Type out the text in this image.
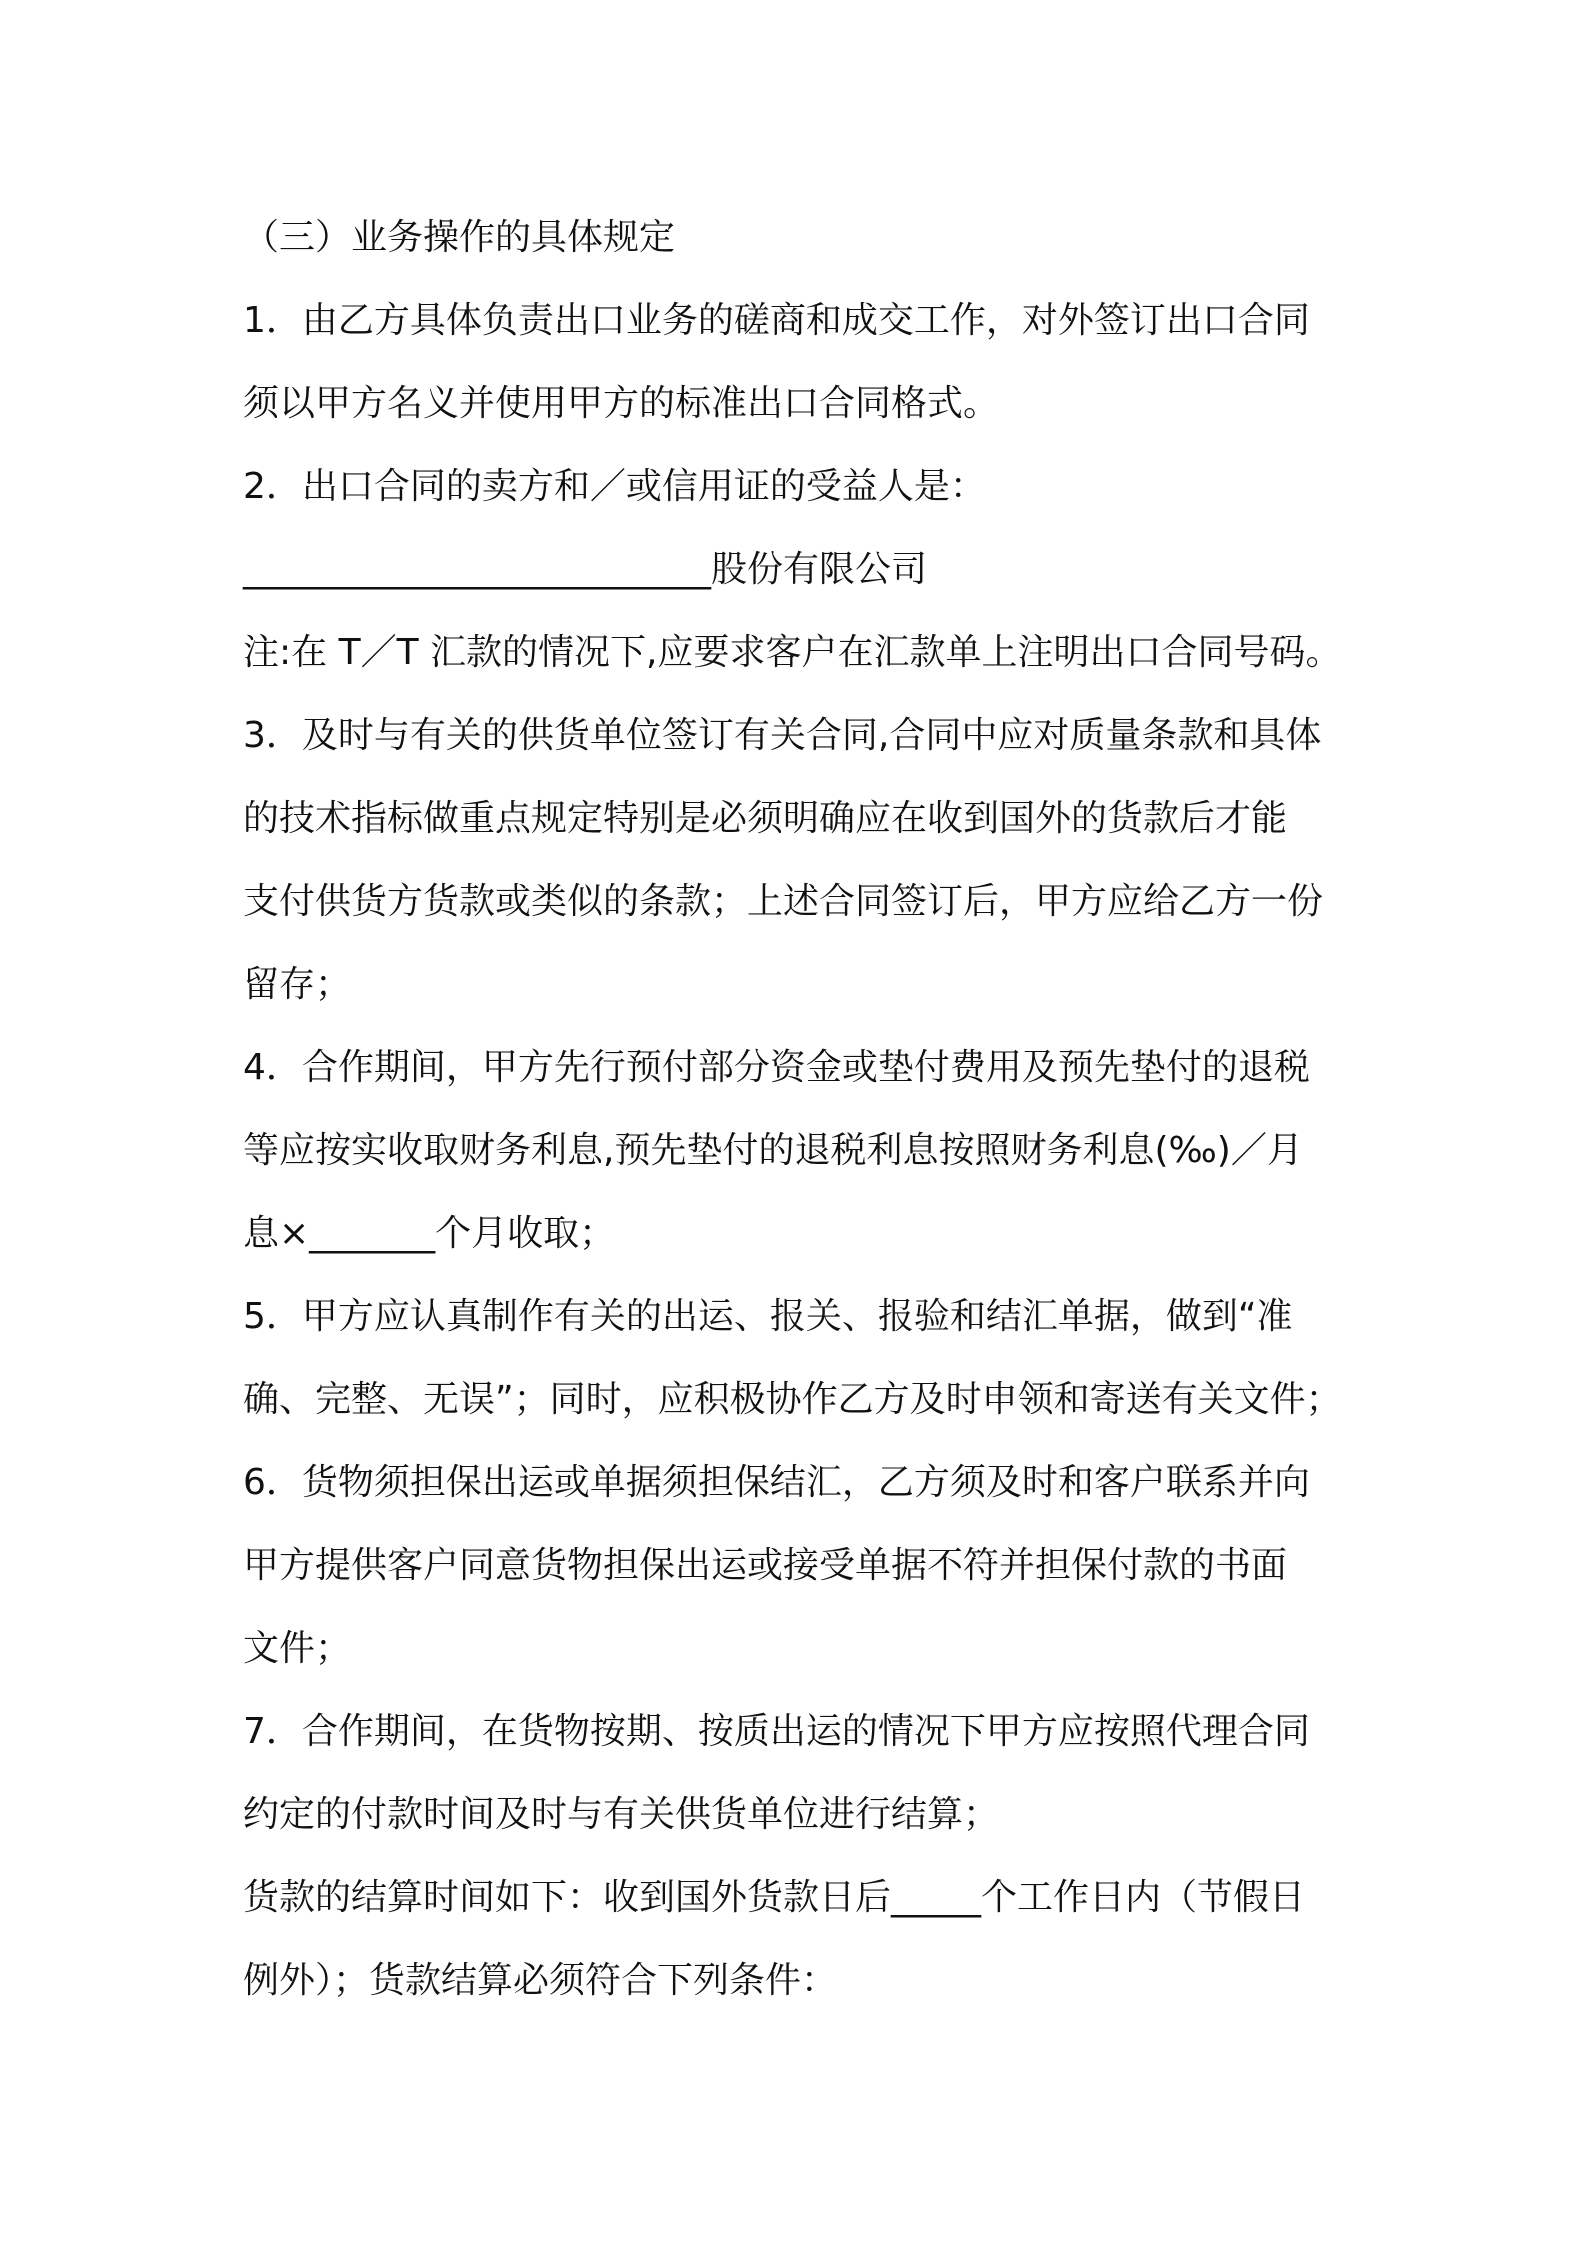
（三）业务操作的具体规定
1．由乙方具体负责出口业务的磋商和成交工作，对外签订出口合同
须以甲方名义并使用甲方的标准出口合同格式。
2．出口合同的卖方和／或信用证的受益人是：
__________________________股份有限公司
注:在 T／T 汇款的情况下,应要求客户在汇款单上注明出口合同号码。
3．及时与有关的供货单位签订有关合同,合同中应对质量条款和具体
的技术指标做重点规定特别是必须明确应在收到国外的货款后才能
支付供货方货款或类似的条款；上述合同签订后，甲方应给乙方一份
留存；
4．合作期间，甲方先行预付部分资金或垫付费用及预先垫付的退税
等应按实收取财务利息,预先垫付的退税利息按照财务利息(‰)／月
息×_______个月收取；
5．甲方应认真制作有关的出运、报关、报验和结汇单据，做到“准
确、完整、无误”；同时，应积极协作乙方及时申领和寄送有关文件；
6．货物须担保出运或单据须担保结汇，乙方须及时和客户联系并向
甲方提供客户同意货物担保出运或接受单据不符并担保付款的书面
文件；
7．合作期间，在货物按期、按质出运的情况下甲方应按照代理合同
约定的付款时间及时与有关供货单位进行结算；
货款的结算时间如下：收到国外货款日后_____个工作日内（节假日
例外）；货款结算必须符合下列条件：
